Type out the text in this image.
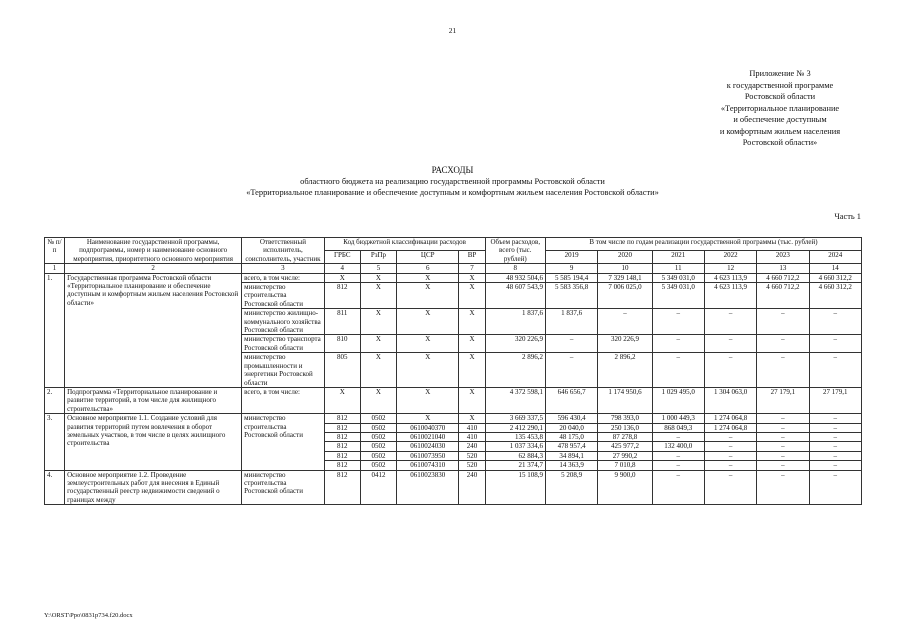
21
Приложение № 3
к государственной программе
Ростовской области
«Территориальное планирование
и обеспечение доступным
и комфортным жильем населения
Ростовской области»
РАСХОДЫ
областного бюджета на реализацию государственной программы Ростовской области
«Территориальное планирование и обеспечение доступным и комфортным жильем населения Ростовской области»
Часть 1
№ п/п	Наименование государственной программы, подпрограммы, номер и наименование основного мероприятия, приоритетного основного мероприятия	Ответственный исполнитель, соисполнитель, участник	Код бюджетной классификации расходов				Объем расходов, всего (тыс. рублей)	В том числе по годам реализации государственной программы (тыс. рублей)					
			ГРБС	РзПр	ЦСР	ВР		2019	2020	2021	2022	2023	2024
1	2	3	4	5	6	7	8	9	10	11	12	13	14
1.	Государственная программа Ростовской области «Территориальное планирование и обеспечение доступным и комфортным жильем населения Ростовской области»	всего, в том числе:	X	X	X	X	48 932 504,6	5 585 194,4	7 329 148,1	5 349 031,0	4 623 113,9	4 660 712,2	4 660 312,2
		министерство строительства Ростовской области	812	X	X	X	48 607 543,9	5 583 356,8	7 006 025,0	5 349 031,0	4 623 113,9	4 660 712,2	4 660 312,2
		министерство жилищно-коммунального хозяйства Ростовской области	811	X	X	X	1 837,6	1 837,6	–	–	–	–	–
		министерство транспорта Ростовской области	810	X	X	X	320 226,9	–	320 226,9	–	–	–	–
		министерство промышленности и энергетики Ростовской области	805	X	X	X	2 896,2	–	2 896,2	–	–	–	–
2.	Подпрограмма «Территориальное планирование и развитие территорий, в том числе для жилищного строительства»	всего, в том числе:	X	X	X	X	4 372 598,1	646 656,7	1 174 950,6	1 029 495,0	1 304 063,0	27 179,1	27 179,1
3.	Основное мероприятие 1.1. Создание условий для развития территорий путем вовлечения в оборот земельных участков, в том числе в целях жилищного строительства	министерство строительства Ростовской области	812	0502	X	X	3 669 337,5	596 430,4	798 393,0	1 000 449,3	1 274 064,8	–	–
			812	0502	0610040370	410	2 412 290,1	20 040,0	250 136,0	868 049,3	1 274 064,8	–	–
			812	0502	0610021040	410	135 453,8	48 175,0	87 278,8	–	–	–	–
			812	0502	0610024030	240	1 037 334,6	478 957,4	425 977,2	132 400,0	–	–	–
			812	0502	0610073950	520	62 884,3	34 894,1	27 990,2	–	–	–	–
			812	0502	0610074310	520	21 374,7	14 363,9	7 010,8	–	–	–	–
4.	Основное мероприятие 1.2. Проведение землеустроительных работ для внесения в Единый государственный реестр недвижимости сведений о границах между	министерство строительства Ростовской области	812	0412	0610023830	240	15 108,9	5 208,9	9 900,0	–	–	–	–
Y:\ORST\Ppo\0831p734.f20.docx
